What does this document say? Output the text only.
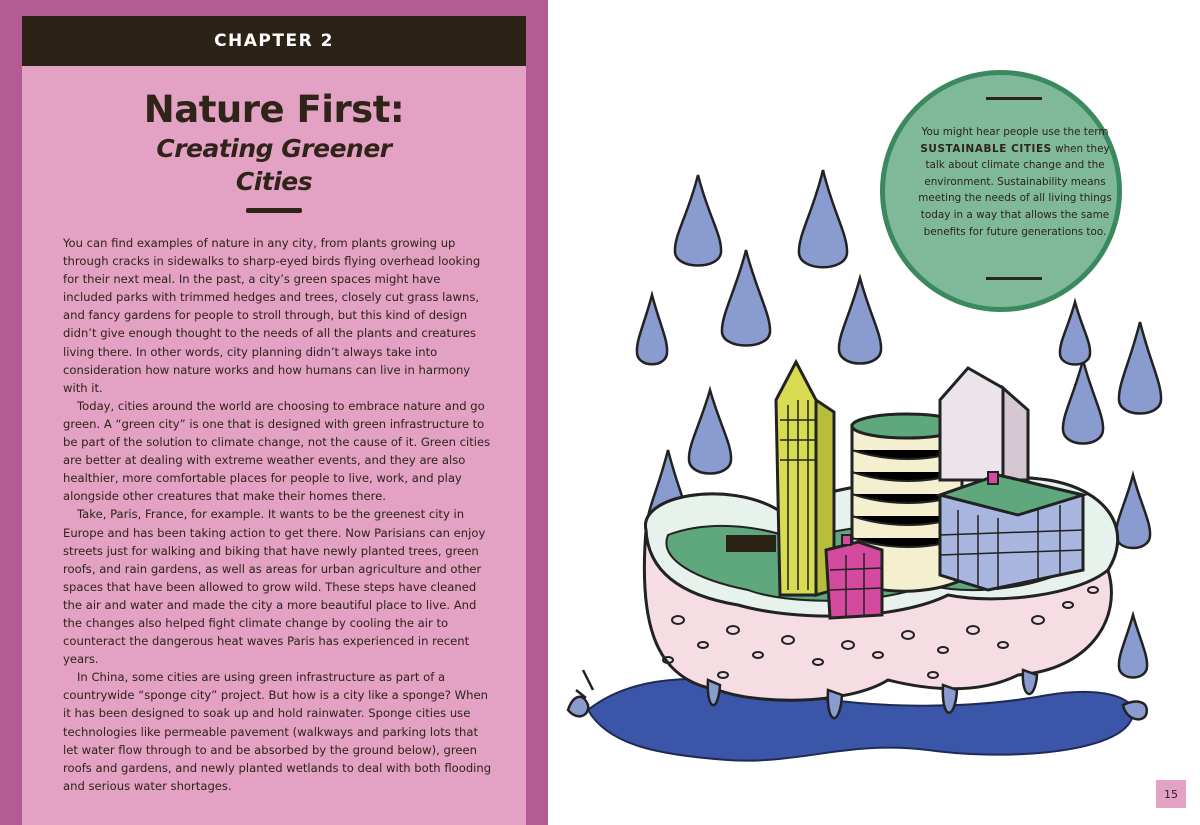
CHAPTER 2
Nature First:
Creating Greener
Cities

You can find examples of nature in any city, from plants growing up through cracks in sidewalks to sharp-eyed birds flying overhead looking for their next meal. In the past, a city’s green spaces might have included parks with trimmed hedges and trees, closely cut grass lawns, and fancy gardens for people to stroll through, but this kind of design didn’t give enough thought to the needs of all the plants and creatures living there. In other words, city planning didn’t always take into consideration how nature works and how humans can live in harmony with it.

Today, cities around the world are choosing to embrace nature and go green. A “green city” is one that is designed with green infrastructure to be part of the solution to climate change, not the cause of it. Green cities are better at dealing with extreme weather events, and they are also healthier, more comfortable places for people to live, work, and play alongside other creatures that make their homes there.

Take, Paris, France, for example. It wants to be the greenest city in Europe and has been taking action to get there. Now Parisians can enjoy streets just for walking and biking that have newly planted trees, green roofs, and rain gardens, as well as areas for urban agriculture and other spaces that have been allowed to grow wild. These steps have cleaned the air and water and made the city a more beautiful place to live. And the changes also helped fight climate change by cooling the air to counteract the dangerous heat waves Paris has experienced in recent years.

In China, some cities are using green infrastructure as part of a countrywide “sponge city” project. But how is a city like a sponge? When it has been designed to soak up and hold rainwater. Sponge cities use technologies like permeable pavement (walkways and parking lots that let water flow through to and be absorbed by the ground below), green roofs and gardens, and newly planted wetlands to deal with both flooding and serious water shortages.

You might hear people use the term SUSTAINABLE CITIES when they talk about climate change and the environment. Sustainability means meeting the needs of all living things today in a way that allows the same benefits for future generations too.
15
